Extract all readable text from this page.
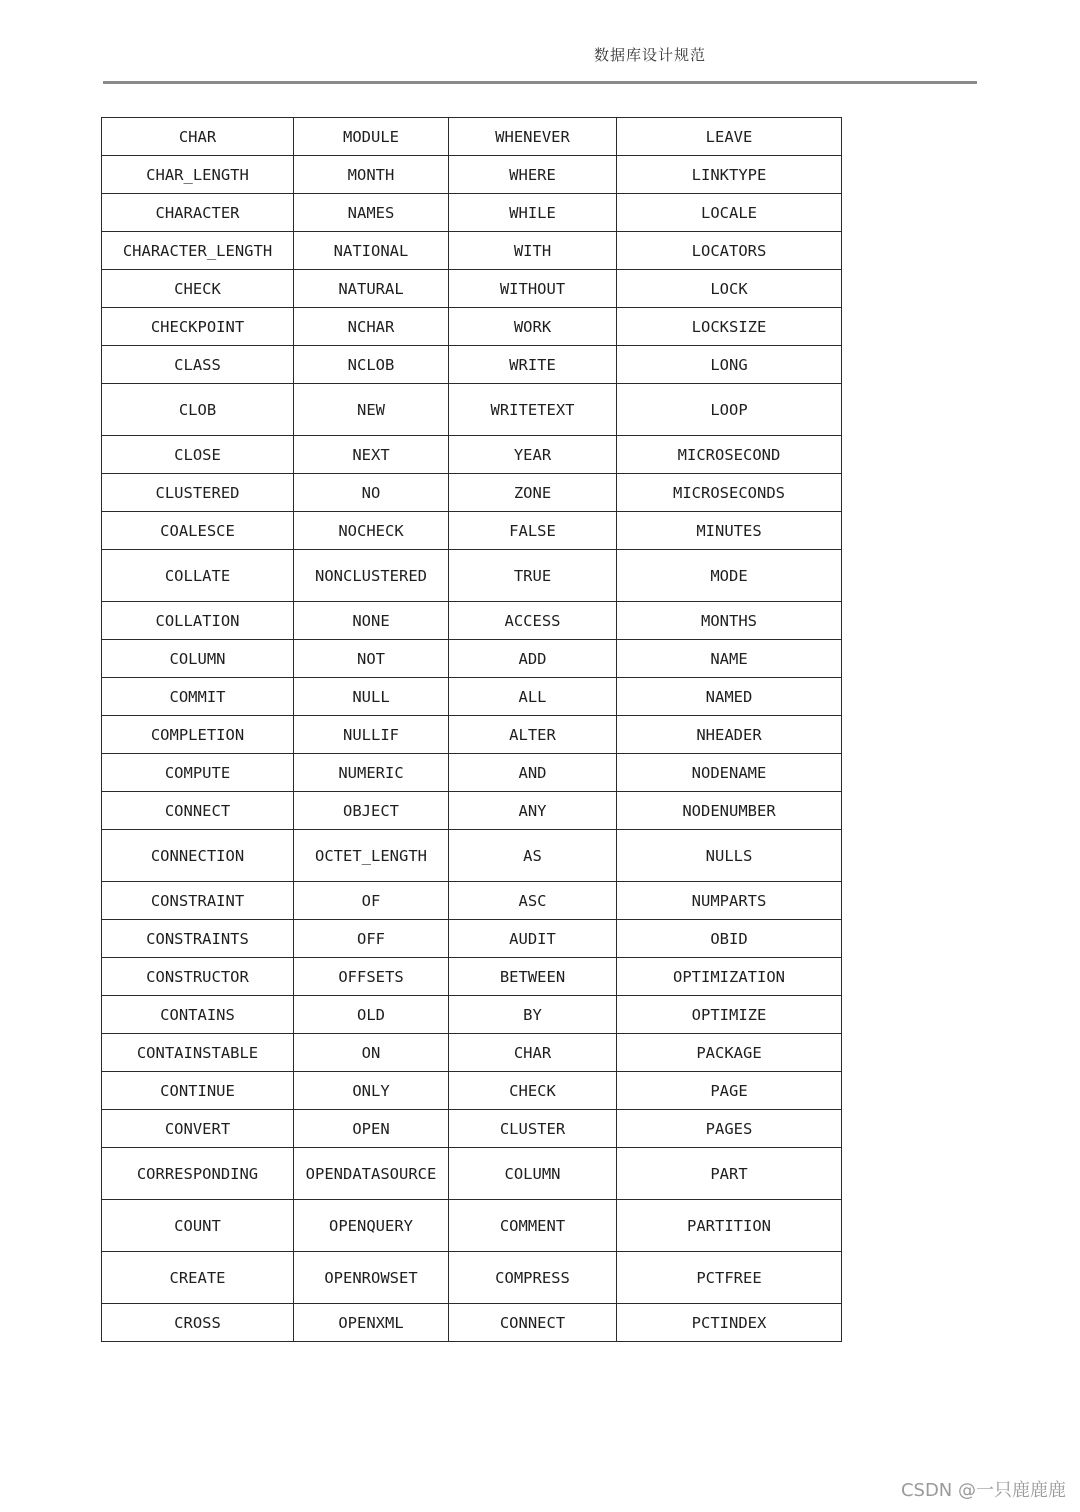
数据库设计规范
CHAR	MODULE	WHENEVER	LEAVE
CHAR_LENGTH	MONTH	WHERE	LINKTYPE
CHARACTER	NAMES	WHILE	LOCALE
CHARACTER_LENGTH	NATIONAL	WITH	LOCATORS
CHECK	NATURAL	WITHOUT	LOCK
CHECKPOINT	NCHAR	WORK	LOCKSIZE
CLASS	NCLOB	WRITE	LONG
CLOB	NEW	WRITETEXT	LOOP
CLOSE	NEXT	YEAR	MICROSECOND
CLUSTERED	NO	ZONE	MICROSECONDS
COALESCE	NOCHECK	FALSE	MINUTES
COLLATE	NONCLUSTERED	TRUE	MODE
COLLATION	NONE	ACCESS	MONTHS
COLUMN	NOT	ADD	NAME
COMMIT	NULL	ALL	NAMED
COMPLETION	NULLIF	ALTER	NHEADER
COMPUTE	NUMERIC	AND	NODENAME
CONNECT	OBJECT	ANY	NODENUMBER
CONNECTION	OCTET_LENGTH	AS	NULLS
CONSTRAINT	OF	ASC	NUMPARTS
CONSTRAINTS	OFF	AUDIT	OBID
CONSTRUCTOR	OFFSETS	BETWEEN	OPTIMIZATION
CONTAINS	OLD	BY	OPTIMIZE
CONTAINSTABLE	ON	CHAR	PACKAGE
CONTINUE	ONLY	CHECK	PAGE
CONVERT	OPEN	CLUSTER	PAGES
CORRESPONDING	OPENDATASOURCE	COLUMN	PART
COUNT	OPENQUERY	COMMENT	PARTITION
CREATE	OPENROWSET	COMPRESS	PCTFREE
CROSS	OPENXML	CONNECT	PCTINDEX
CSDN @一只鹿鹿鹿
